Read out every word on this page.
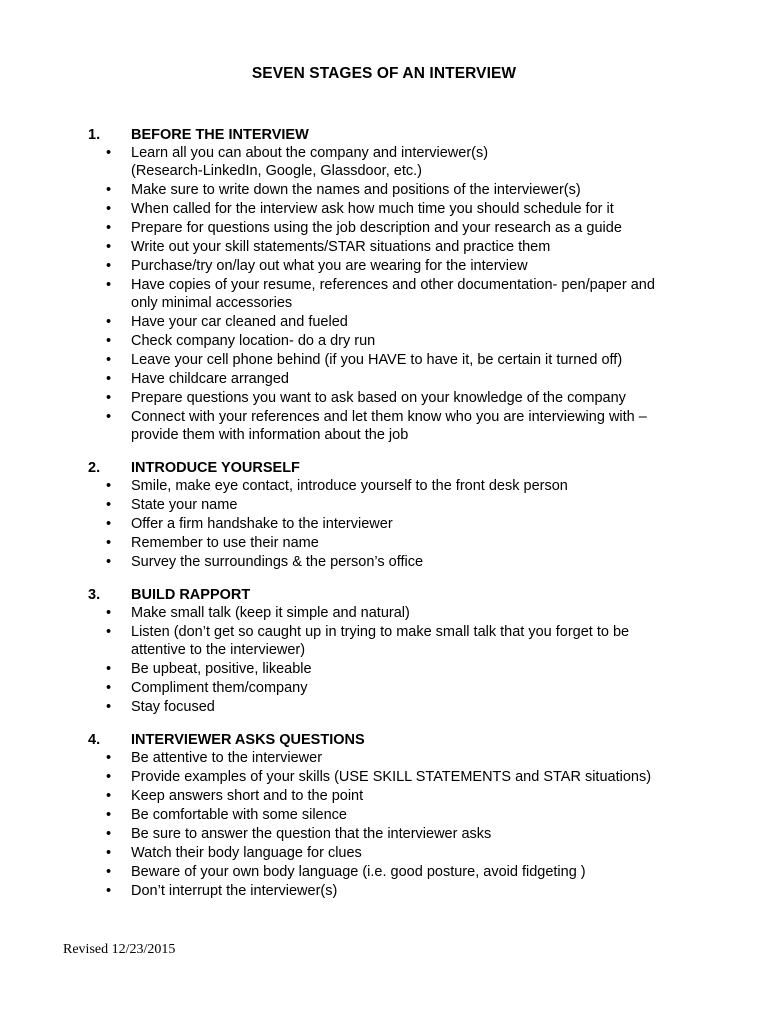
SEVEN STAGES OF AN INTERVIEW
1.	BEFORE THE INTERVIEW
• Learn all you can about the company and interviewer(s)
(Research-LinkedIn, Google, Glassdoor, etc.)
• Make sure to write down the names and positions of the interviewer(s)
• When called for the interview ask how much time you should schedule for it
• Prepare for questions using the job description and your research as a guide
• Write out your skill statements/STAR situations and practice them
• Purchase/try on/lay out what you are wearing for the interview
• Have copies of your resume, references and other documentation- pen/paper and
only minimal accessories
• Have your car cleaned and fueled
• Check company location- do a dry run
• Leave your cell phone behind (if you HAVE to have it, be certain it turned off)
• Have childcare arranged
• Prepare questions you want to ask based on your knowledge of the company
• Connect with your references and let them know who you are interviewing with –
provide them with information about the job
2.	INTRODUCE YOURSELF
• Smile, make eye contact, introduce yourself to the front desk person
• State your name
• Offer a firm handshake to the interviewer
• Remember to use their name
• Survey the surroundings & the person’s office
3.	BUILD RAPPORT
• Make small talk (keep it simple and natural)
• Listen (don’t get so caught up in trying to make small talk that you forget to be
attentive to the interviewer)
• Be upbeat, positive, likeable
• Compliment them/company
• Stay focused
4.	INTERVIEWER ASKS QUESTIONS
• Be attentive to the interviewer
• Provide examples of your skills (USE SKILL STATEMENTS and STAR situations)
• Keep answers short and to the point
• Be comfortable with some silence
• Be sure to answer the question that the interviewer asks
• Watch their body language for clues
• Beware of your own body language (i.e. good posture, avoid fidgeting )
• Don’t interrupt the interviewer(s)
Revised 12/23/2015
